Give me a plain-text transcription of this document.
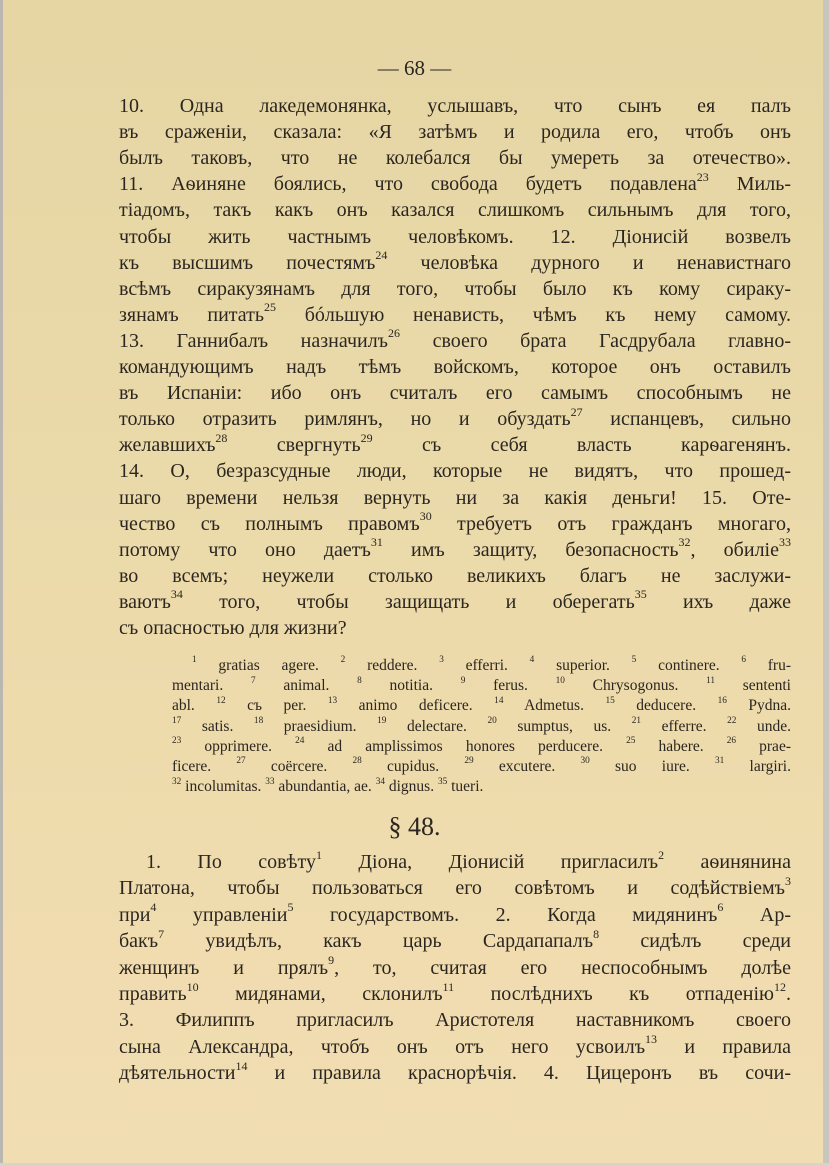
— 68 —
10. Одна лакедемонянка, услышавъ, что сынъ ея палъ
въ сраженіи, сказала: «Я затѣмъ и родила его, чтобъ онъ
былъ таковъ, что не колебался бы умереть за отечество».
11. Аѳиняне боялись, что свобода будетъ подавлена$^{23}$ Миль-
тіадомъ, такъ какъ онъ казался слишкомъ сильнымъ для того,
чтобы жить частнымъ человѣкомъ. 12. Діонисій возвелъ
къ высшимъ почестямъ$^{24}$ человѣка дурного и ненавистнаго
всѣмъ сиракузянамъ для того, чтобы было къ кому сираку-
зянамъ питать$^{25}$ бóльшую ненависть, чѣмъ къ нему самому.
13. Ганнибалъ назначилъ$^{26}$ своего брата Гасдрубала главно-
командующимъ надъ тѣмъ войскомъ, которое онъ оставилъ
въ Испаніи: ибо онъ считалъ его самымъ способнымъ не
только отразить римлянъ, но и обуздать$^{27}$ испанцевъ, сильно
желавшихъ$^{28}$ свергнуть$^{29}$ съ себя власть карѳагенянъ.
14. О, безразсудные люди, которые не видятъ, что прошед-
шаго времени нельзя вернуть ни за какія деньги! 15. Оте-
чество съ полнымъ правомъ$^{30}$ требуетъ отъ гражданъ многаго,
потому что оно даетъ$^{31}$ имъ защиту, безопасность$^{32}$, обиліе$^{33}$
во всемъ; неужели столько великихъ благъ не заслужи-
ваютъ$^{34}$ того, чтобы защищать и оберегать$^{35}$ ихъ даже
съ опасностью для жизни?
$^1$ gratias agere. $^2$ reddere. $^3$ efferri. $^4$ superior. $^5$ continere. $^6$ fru-
mentari. $^7$ animal. $^8$ notitia. $^9$ ferus. $^{10}$ Chrysogonus. $^{11}$ sententi
abl. $^{12}$ съ per. $^{13}$ animo deficere. $^{14}$ Admetus. $^{15}$ deducere. $^{16}$ Pydna.
$^{17}$ satis. $^{18}$ praesidium. $^{19}$ delectare. $^{20}$ sumptus, us. $^{21}$ efferre. $^{22}$ unde.
$^{23}$ opprimere. $^{24}$ ad amplissimos honores perducere. $^{25}$ habere. $^{26}$ prae-
ficere. $^{27}$ coërcere. $^{28}$ cupidus. $^{29}$ excutere. $^{30}$ suo iure. $^{31}$ largiri.
$^{32}$ incolumitas. $^{33}$ abundantia, ae. $^{34}$ dignus. $^{35}$ tueri.
§ 48.
1. По совѣту$^1$ Діона, Діонисій пригласилъ$^2$ аѳинянина
Платона, чтобы пользоваться его совѣтомъ и содѣйствіемъ$^3$
при$^4$ управленіи$^5$ государствомъ. 2. Когда мидянинъ$^6$ Ар-
бакъ$^7$ увидѣлъ, какъ царь Сардапапалъ$^8$ сидѣлъ среди
женщинъ и прялъ$^9$, то, считая его неспособнымъ долѣе
править$^{10}$ мидянами, склонилъ$^{11}$ послѣднихъ къ отпаденію$^{12}$.
3. Филиппъ пригласилъ Аристотеля наставникомъ своего
сына Александра, чтобъ онъ отъ него усвоилъ$^{13}$ и правила
дѣятельности$^{14}$ и правила краснорѣчія. 4. Цицеронъ въ сочи-
